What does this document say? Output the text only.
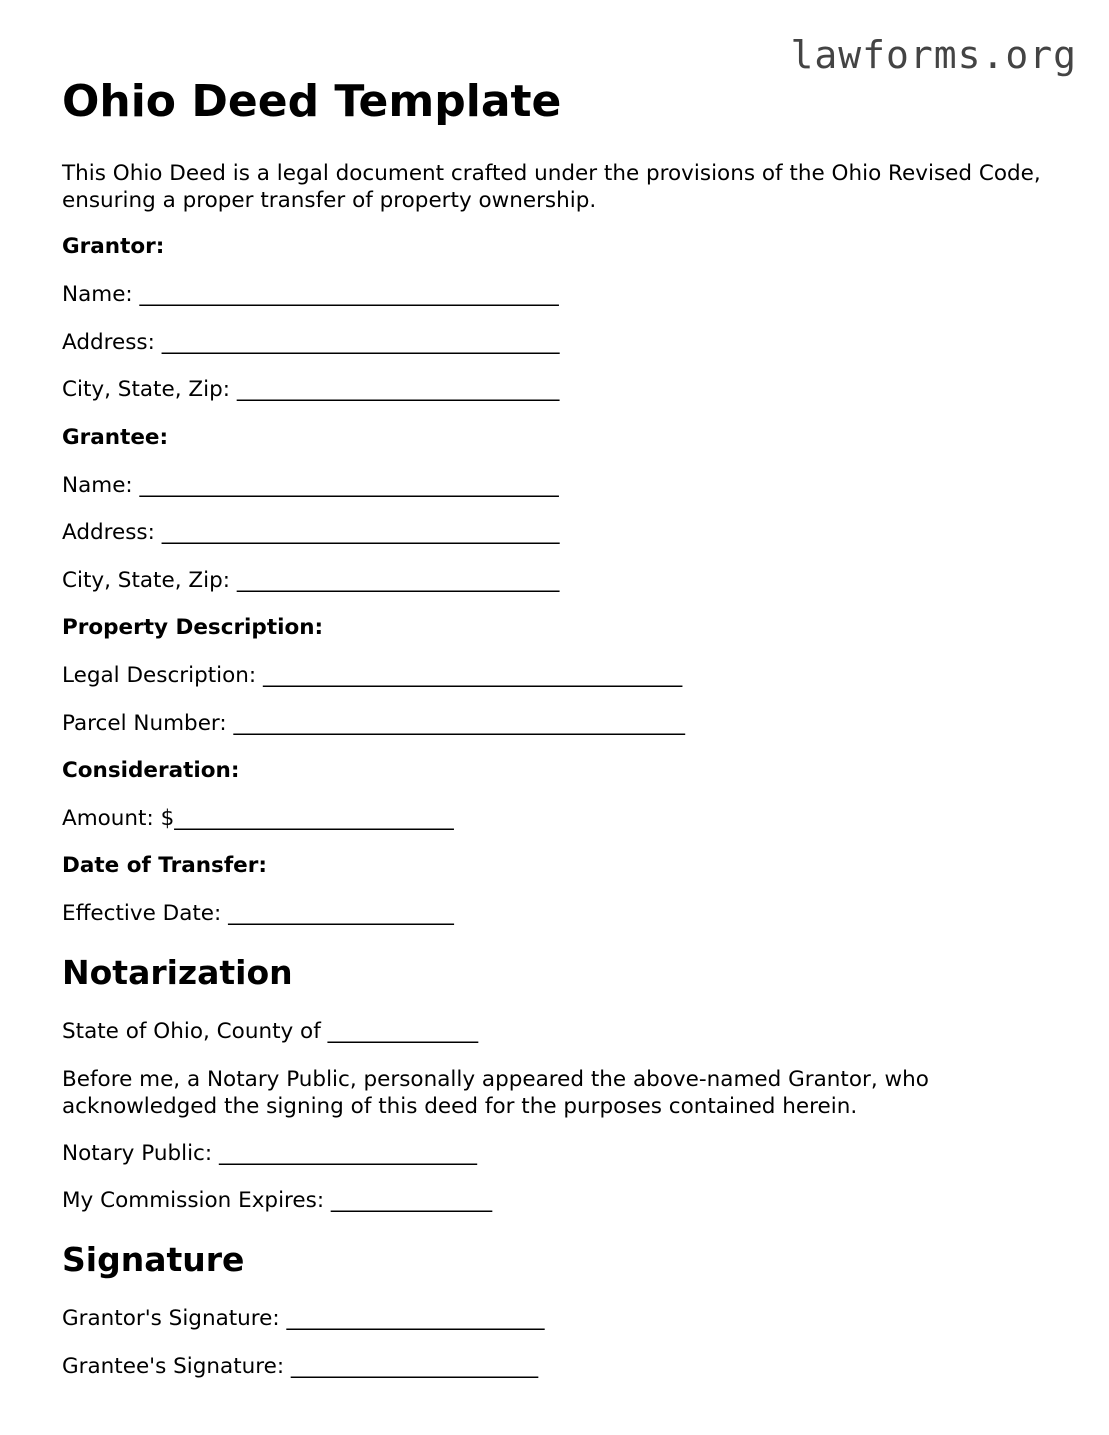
lawforms.org
Ohio Deed Template

This Ohio Deed is a legal document crafted under the provisions of the Ohio Revised Code, ensuring a proper transfer of property ownership.

Grantor:

Name: _______________________________________

Address: _____________________________________

City, State, Zip: ______________________________

Grantee:

Name: _______________________________________

Address: _____________________________________

City, State, Zip: ______________________________

Property Description:

Legal Description: _______________________________________

Parcel Number: __________________________________________

Consideration:

Amount: $__________________________

Date of Transfer:

Effective Date: _____________________

Notarization

State of Ohio, County of ______________

Before me, a Notary Public, personally appeared the above-named Grantor, who acknowledged the signing of this deed for the purposes contained herein.

Notary Public: ________________________

My Commission Expires: _______________

Signature

Grantor's Signature: ________________________

Grantee's Signature: _______________________
